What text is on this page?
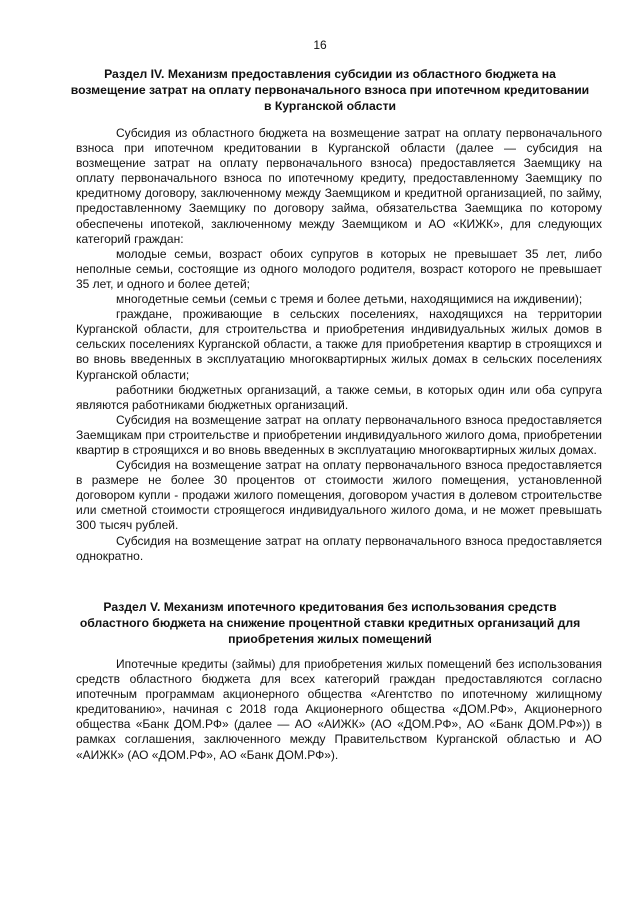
16
Раздел IV. Механизм предоставления субсидии из областного бюджета на возмещение затрат на оплату первоначального взноса при ипотечном кредитовании в Курганской области

Субсидия из областного бюджета на возмещение затрат на оплату первоначального взноса при ипотечном кредитовании в Курганской области (далее — субсидия на возмещение затрат на оплату первоначального взноса) предоставляется Заемщику на оплату первоначального взноса по ипотечному кредиту, предоставленному Заемщику по кредитному договору, заключенному между Заемщиком и кредитной организацией, по займу, предоставленному Заемщику по договору займа, обязательства Заемщика по которому обеспечены ипотекой, заключенному между Заемщиком и АО «КИЖК», для следующих категорий граждан:

молодые семьи, возраст обоих супругов в которых не превышает 35 лет, либо неполные семьи, состоящие из одного молодого родителя, возраст которого не превышает 35 лет, и одного и более детей;

многодетные семьи (семьи с тремя и более детьми, находящимися на иждивении);

граждане, проживающие в сельских поселениях, находящихся на территории Курганской области, для строительства и приобретения индивидуальных жилых домов в сельских поселениях Курганской области, а также для приобретения квартир в строящихся и во вновь введенных в эксплуатацию многоквартирных жилых домах в сельских поселениях Курганской области;

работники бюджетных организаций, а также семьи, в которых один или оба супруга являются работниками бюджетных организаций.

Субсидия на возмещение затрат на оплату первоначального взноса предоставляется Заемщикам при строительстве и приобретении индивидуального жилого дома, приобретении квартир в строящихся и во вновь введенных в эксплуатацию многоквартирных жилых домах.

Субсидия на возмещение затрат на оплату первоначального взноса предоставляется в размере не более 30 процентов от стоимости жилого помещения, установленной договором купли - продажи жилого помещения, договором участия в долевом строительстве или сметной стоимости строящегося индивидуального жилого дома, и не может превышать 300 тысяч рублей.

Субсидия на возмещение затрат на оплату первоначального взноса предоставляется однократно.

Раздел V. Механизм ипотечного кредитования без использования средств областного бюджета на снижение процентной ставки кредитных организаций для приобретения жилых помещений

Ипотечные кредиты (займы) для приобретения жилых помещений без использования средств областного бюджета для всех категорий граждан предоставляются согласно ипотечным программам акционерного общества «Агентство по ипотечному жилищному кредитованию», начиная с 2018 года Акционерного общества «ДОМ.РФ», Акционерного общества «Банк ДОМ.РФ» (далее — АО «АИЖК» (АО «ДОМ.РФ», АО «Банк ДОМ.РФ»)) в рамках соглашения, заключенного между Правительством Курганской областью и АО «АИЖК» (АО «ДОМ.РФ», АО «Банк ДОМ.РФ»).
